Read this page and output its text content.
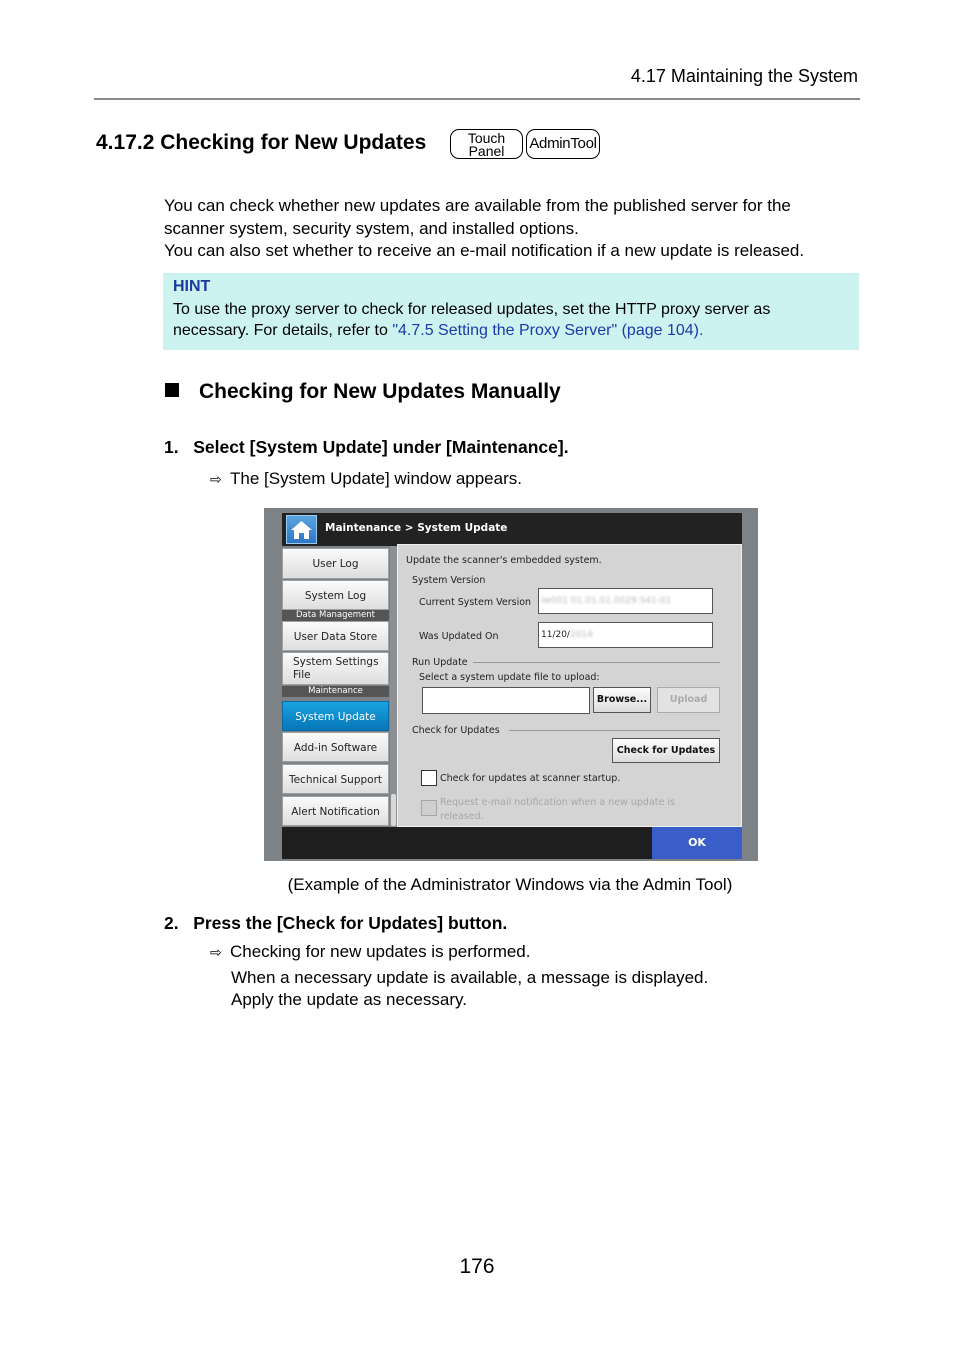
4.17 Maintaining the System
4.17.2 Checking for New Updates	Touch
Panel	AdminTool
You can check whether new updates are available from the published server for the
scanner system, security system, and installed options.
You can also set whether to receive an e-mail notification if a new update is released.
HINT
To use the proxy server to check for released updates, set the HTTP proxy server as
necessary. For details, refer to "4.7.5 Setting the Proxy Server" (page 104).
Checking for New Updates Manually
1. Select [System Update] under [Maintenance].
⇨ The [System Update] window appears.
Maintenance > System Update
User Log
System Log
Data Management
User Data Store
System Settings
File
Maintenance
System Update
Add-in Software
Technical Support
Alert Notification
Update the scanner's embedded system.
System Version
Current System Version	iw001 01.01.01.0029 S41-01
Was Updated On	11/20/2014
Run Update
Select a system update file to upload:
Browse...	Upload
Check for Updates
Check for Updates
Check for updates at scanner startup.
Request e-mail notification when a new update is
released.
OK
(Example of the Administrator Windows via the Admin Tool)
2. Press the [Check for Updates] button.
⇨ Checking for new updates is performed.
When a necessary update is available, a message is displayed.
Apply the update as necessary.
176
